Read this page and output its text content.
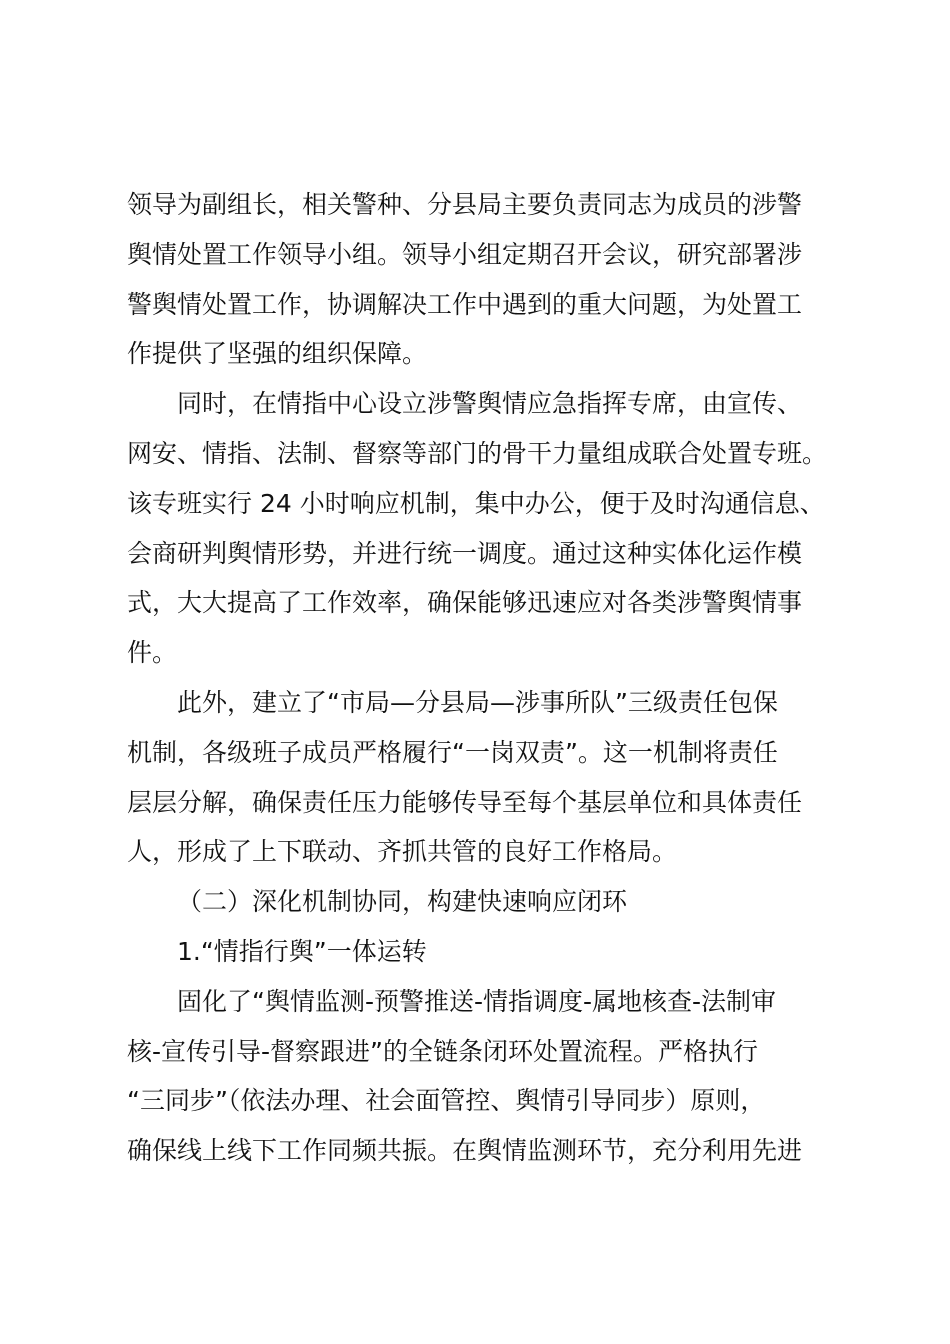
领导为副组长，相关警种、分县局主要负责同志为成员的涉警
舆情处置工作领导小组。领导小组定期召开会议，研究部署涉
警舆情处置工作，协调解决工作中遇到的重大问题，为处置工
作提供了坚强的组织保障。

同时，在情指中心设立涉警舆情应急指挥专席，由宣传、
网安、情指、法制、督察等部门的骨干力量组成联合处置专班。
该专班实行 24 小时响应机制，集中办公，便于及时沟通信息、
会商研判舆情形势，并进行统一调度。通过这种实体化运作模
式，大大提高了工作效率，确保能够迅速应对各类涉警舆情事
件。

此外，建立了“市局—分县局—涉事所队”三级责任包保
机制，各级班子成员严格履行“一岗双责”。这一机制将责任
层层分解，确保责任压力能够传导至每个基层单位和具体责任
人，形成了上下联动、齐抓共管的良好工作格局。

（二）深化机制协同，构建快速响应闭环

1.“情指行舆”一体运转

固化了“舆情监测-预警推送-情指调度-属地核查-法制审
核-宣传引导-督察跟进”的全链条闭环处置流程。严格执行
“三同步”（依法办理、社会面管控、舆情引导同步）原则，
确保线上线下工作同频共振。在舆情监测环节，充分利用先进
